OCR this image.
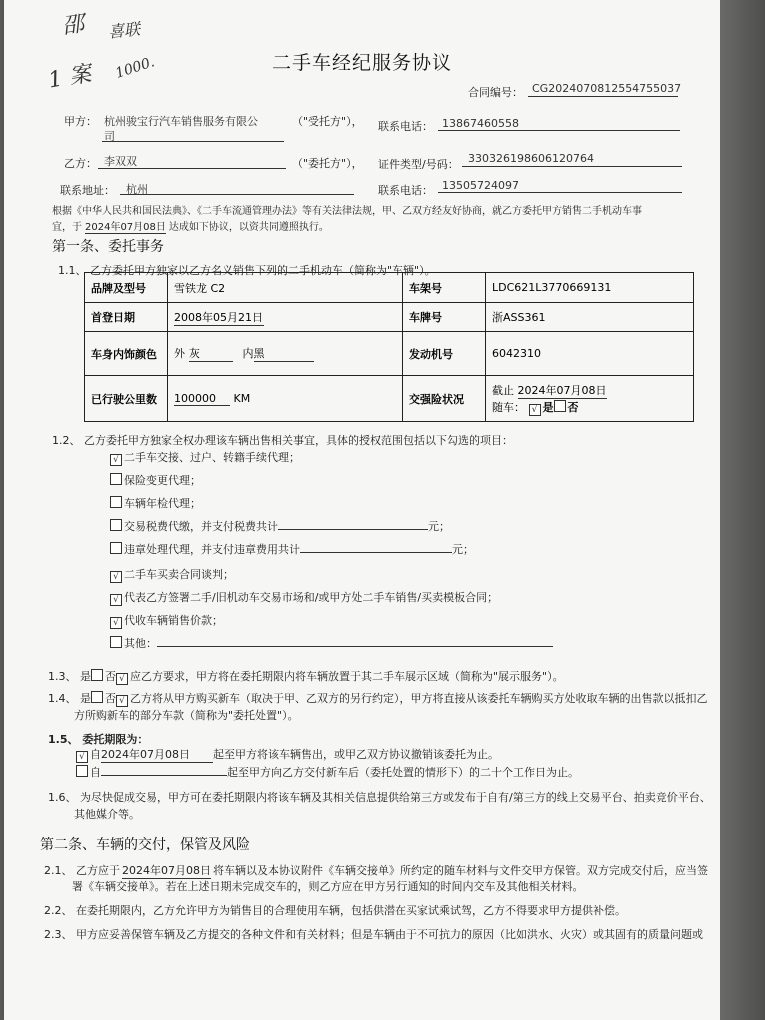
邵 喜联
1 案 1000.	二手车经纪服务协议
合同编号： CG2024070812554755037
甲方： 杭州骏宝行汽车销售服务有限公
司
（"受托方"）， 联系电话： 13867460558
乙方： 李双双	（"委托方"）， 证件类型/号码： 330326198606120764
联系地址： 杭州	联系电话： 13505724097
根据《中华人民共和国民法典》、《二手车流通管理办法》等有关法律法规，甲、乙双方经友好协商，就乙方委托甲方销售二手机动车事
宜，于 2024年07月08日 达成如下协议，以资共同遵照执行。
第一条、委托事务
1.1、 乙方委托甲方独家以乙方名义销售下列的二手机动车（简称为"车辆"）。
品牌及型号	雪铁龙 C2	车架号	LDC621L3770669131
首登日期	2008年05月21日	车牌号	浙ASS361
车身内饰颜色	外 灰 内黑	发动机号	6042310
已行驶公里数	100000 KM	交强险状况	截止 2024年07月08日
随车： √ 是 否
1.2、 乙方委托甲方独家全权办理该车辆出售相关事宜，具体的授权范围包括以下勾选的项目：
√ 二手车交接、过户、转籍手续代理；
保险变更代理；
车辆年检代理；
交易税费代缴，并支付税费共计	元；
违章处理代理，并支付违章费用共计	元；
√ 二手车买卖合同谈判；
√ 代表乙方签署二手/旧机动车交易市场和/或甲方处二手车销售/买卖模板合同；
√ 代收车辆销售价款；
其他：
1.3、 是 否 √ 应乙方要求，甲方将在委托期限内将车辆放置于其二手车展示区域（简称为"展示服务"）。
1.4、 是 否 √ 乙方将从甲方购买新车（取决于甲、乙双方的另行约定），甲方将直接从该委托车辆购买方处收取车辆的出售款以抵扣乙
方所购新车的部分车款（简称为"委托处置"）。
1.5、 委托期限为：
√ 自2024年07月08日 起至甲方将该车辆售出，或甲乙双方协议撤销该委托为止。
自	起至甲方向乙方交付新车后（委托处置的情形下）的二十个工作日为止。
1.6、 为尽快促成交易，甲方可在委托期限内将该车辆及其相关信息提供给第三方或发布于自有/第三方的线上交易平台、拍卖竞价平台、
其他媒介等。
第二条、车辆的交付，保管及风险
2.1、 乙方应于 2024年07月08日 将车辆以及本协议附件《车辆交接单》所约定的随车材料与文件交甲方保管。双方完成交付后，应当签
署《车辆交接单》。若在上述日期未完成交车的，则乙方应在甲方另行通知的时间内交车及其他相关材料。
2.2、 在委托期限内，乙方允许甲方为销售目的合理使用车辆，包括供潜在买家试乘试驾，乙方不得要求甲方提供补偿。
2.3、 甲方应妥善保管车辆及乙方提交的各种文件和有关材料；但是车辆由于不可抗力的原因（比如洪水、火灾）或其固有的质量问题或
